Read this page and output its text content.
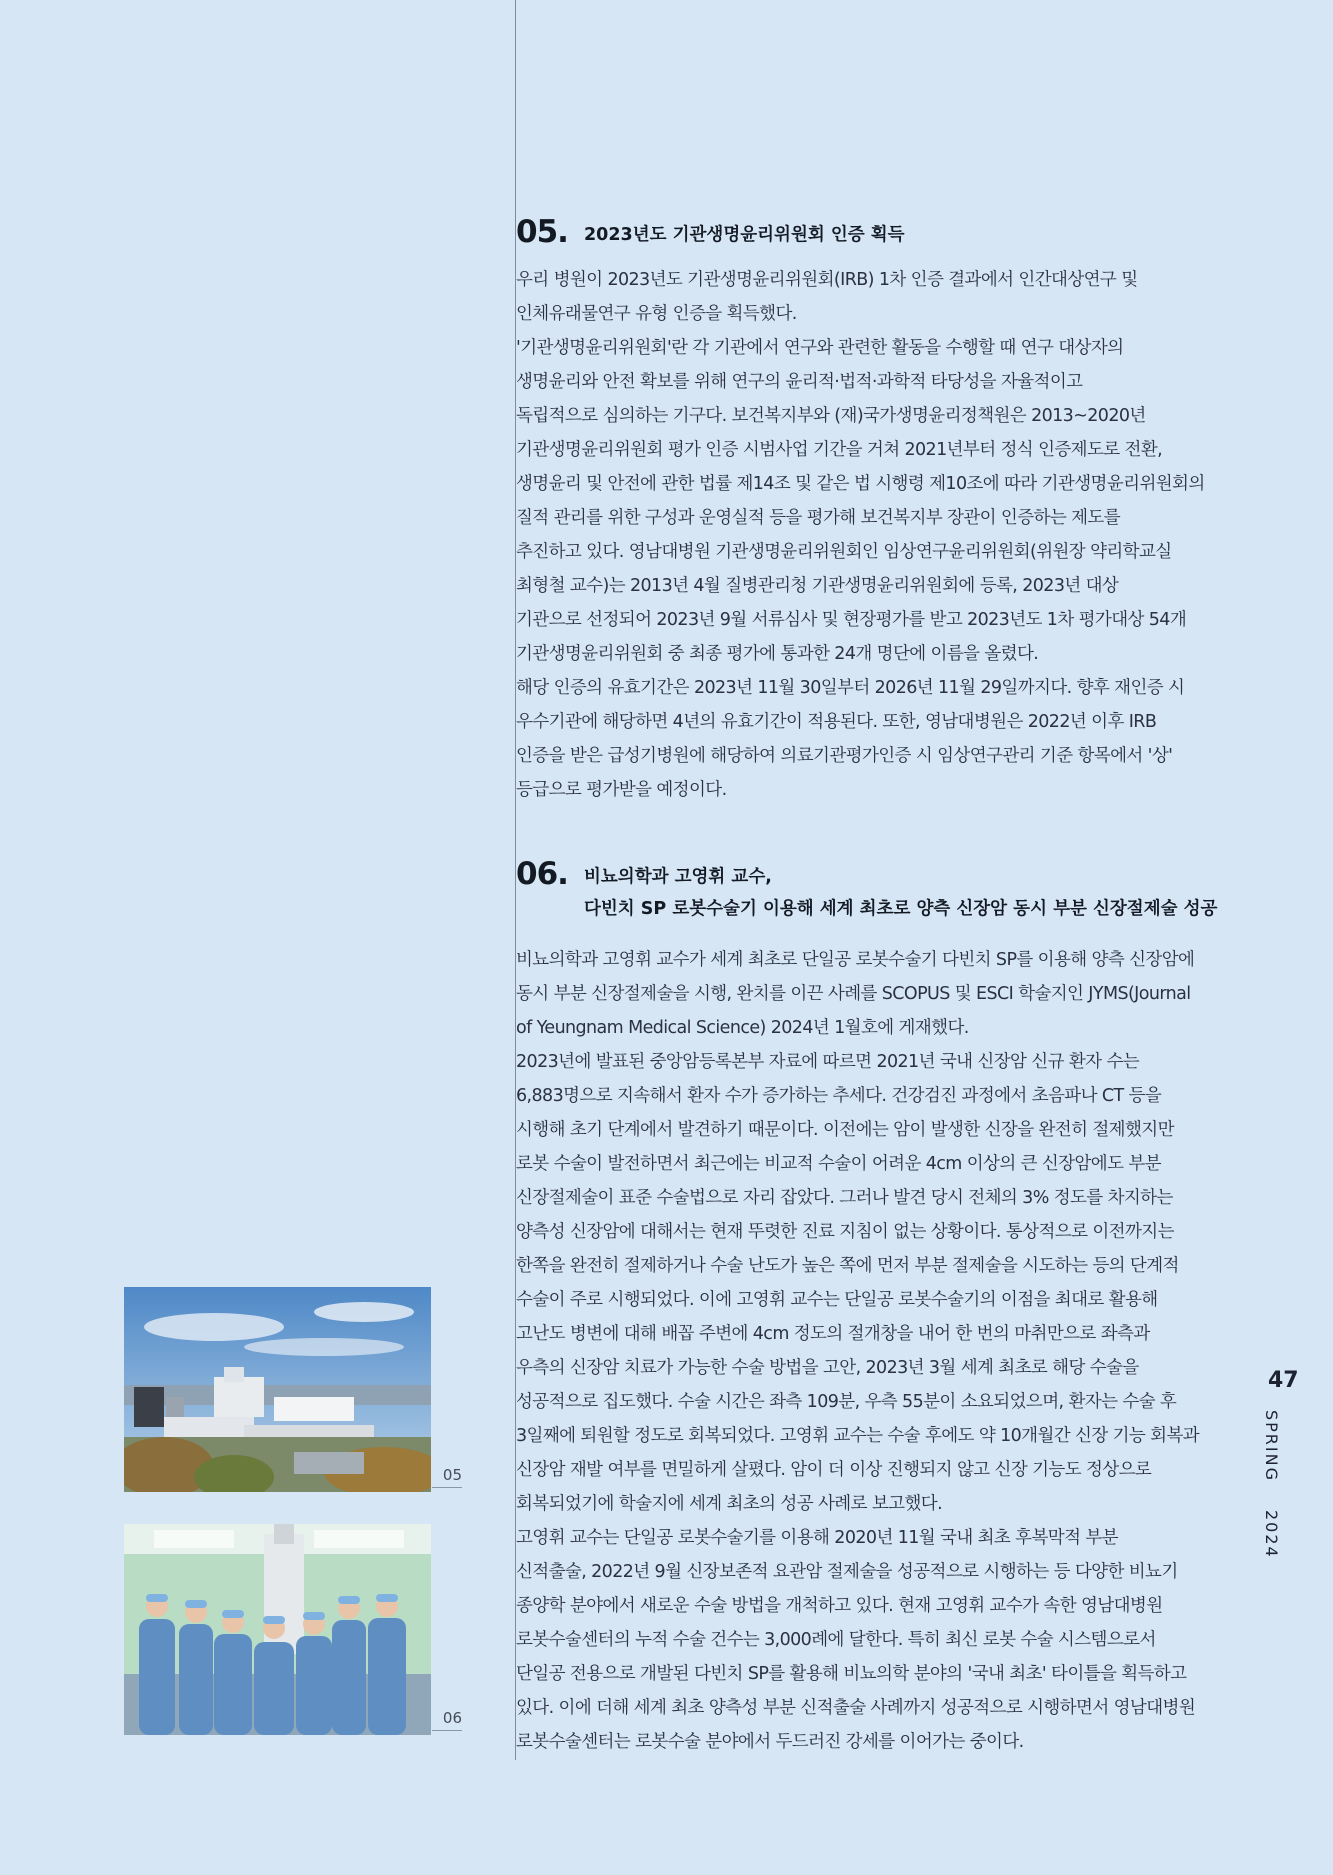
05. 2023년도 기관생명윤리위원회 인증 획득

우리 병원이 2023년도 기관생명윤리위원회(IRB) 1차 인증 결과에서 인간대상연구 및

인체유래물연구 유형 인증을 획득했다.

'기관생명윤리위원회'란 각 기관에서 연구와 관련한 활동을 수행할 때 연구 대상자의

생명윤리와 안전 확보를 위해 연구의 윤리적·법적·과학적 타당성을 자율적이고

독립적으로 심의하는 기구다. 보건복지부와 (재)국가생명윤리정책원은 2013~2020년

기관생명윤리위원회 평가 인증 시범사업 기간을 거쳐 2021년부터 정식 인증제도로 전환,

생명윤리 및 안전에 관한 법률 제14조 및 같은 법 시행령 제10조에 따라 기관생명윤리위원회의

질적 관리를 위한 구성과 운영실적 등을 평가해 보건복지부 장관이 인증하는 제도를

추진하고 있다. 영남대병원 기관생명윤리위원회인 임상연구윤리위원회(위원장 약리학교실

최형철 교수)는 2013년 4월 질병관리청 기관생명윤리위원회에 등록, 2023년 대상

기관으로 선정되어 2023년 9월 서류심사 및 현장평가를 받고 2023년도 1차 평가대상 54개

기관생명윤리위원회 중 최종 평가에 통과한 24개 명단에 이름을 올렸다.

해당 인증의 유효기간은 2023년 11월 30일부터 2026년 11월 29일까지다. 향후 재인증 시

우수기관에 해당하면 4년의 유효기간이 적용된다. 또한, 영남대병원은 2022년 이후 IRB

인증을 받은 급성기병원에 해당하여 의료기관평가인증 시 임상연구관리 기준 항목에서 '상'

등급으로 평가받을 예정이다.

06. 비뇨의학과 고영휘 교수,
다빈치 SP 로봇수술기 이용해 세계 최초로 양측 신장암 동시 부분 신장절제술 성공

비뇨의학과 고영휘 교수가 세계 최초로 단일공 로봇수술기 다빈치 SP를 이용해 양측 신장암에

동시 부분 신장절제술을 시행, 완치를 이끈 사례를 SCOPUS 및 ESCI 학술지인 JYMS(Journal

of Yeungnam Medical Science) 2024년 1월호에 게재했다.

2023년에 발표된 중앙암등록본부 자료에 따르면 2021년 국내 신장암 신규 환자 수는

6,883명으로 지속해서 환자 수가 증가하는 추세다. 건강검진 과정에서 초음파나 CT 등을

시행해 초기 단계에서 발견하기 때문이다. 이전에는 암이 발생한 신장을 완전히 절제했지만

로봇 수술이 발전하면서 최근에는 비교적 수술이 어려운 4cm 이상의 큰 신장암에도 부분

신장절제술이 표준 수술법으로 자리 잡았다. 그러나 발견 당시 전체의 3% 정도를 차지하는

양측성 신장암에 대해서는 현재 뚜렷한 진료 지침이 없는 상황이다. 통상적으로 이전까지는

한쪽을 완전히 절제하거나 수술 난도가 높은 쪽에 먼저 부분 절제술을 시도하는 등의 단계적

수술이 주로 시행되었다. 이에 고영휘 교수는 단일공 로봇수술기의 이점을 최대로 활용해

고난도 병변에 대해 배꼽 주변에 4cm 정도의 절개창을 내어 한 번의 마취만으로 좌측과

우측의 신장암 치료가 가능한 수술 방법을 고안, 2023년 3월 세계 최초로 해당 수술을

성공적으로 집도했다. 수술 시간은 좌측 109분, 우측 55분이 소요되었으며, 환자는 수술 후

3일째에 퇴원할 정도로 회복되었다. 고영휘 교수는 수술 후에도 약 10개월간 신장 기능 회복과

신장암 재발 여부를 면밀하게 살폈다. 암이 더 이상 진행되지 않고 신장 기능도 정상으로

회복되었기에 학술지에 세계 최초의 성공 사례로 보고했다.

고영휘 교수는 단일공 로봇수술기를 이용해 2020년 11월 국내 최초 후복막적 부분

신적출술, 2022년 9월 신장보존적 요관암 절제술을 성공적으로 시행하는 등 다양한 비뇨기

종양학 분야에서 새로운 수술 방법을 개척하고 있다. 현재 고영휘 교수가 속한 영남대병원

로봇수술센터의 누적 수술 건수는 3,000례에 달한다. 특히 최신 로봇 수술 시스템으로서

단일공 전용으로 개발된 다빈치 SP를 활용해 비뇨의학 분야의 '국내 최초' 타이틀을 획득하고

있다. 이에 더해 세계 최초 양측성 부분 신적출술 사례까지 성공적으로 시행하면서 영남대병원

로봇수술센터는 로봇수술 분야에서 두드러진 강세를 이어가는 중이다.

05
06
47
SPRING  2024
